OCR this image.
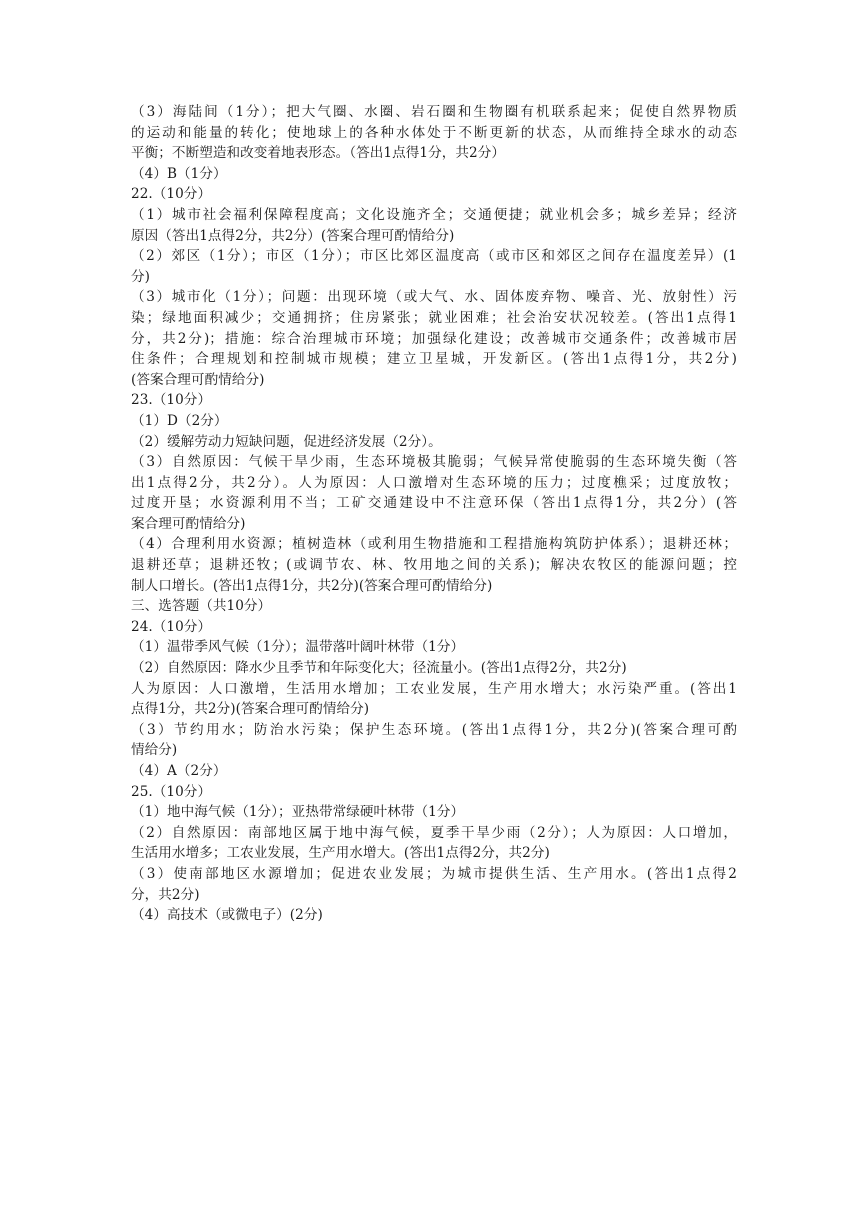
（3）海陆间（1分）；把大气圈、水圈、岩石圈和生物圈有机联系起来；促使自然界物质
的运动和能量的转化；使地球上的各种水体处于不断更新的状态，从而维持全球水的动态
平衡；不断塑造和改变着地表形态。（答出1点得1分，共2分）
（4）B（1分）
22.（10分）
（1）城市社会福利保障程度高；文化设施齐全；交通便捷；就业机会多；城乡差异；经济
原因（答出1点得2分，共2分）(答案合理可酌情给分)
（2）郊区（1分）；市区（1分）；市区比郊区温度高（或市区和郊区之间存在温度差异）(1
分)
（3）城市化（1分）；问题：出现环境（或大气、水、固体废弃物、噪音、光、放射性）污
染；绿地面积减少；交通拥挤；住房紧张；就业困难；社会治安状况较差。(答出1点得1
分，共2分)；措施：综合治理城市环境；加强绿化建设；改善城市交通条件；改善城市居
住条件；合理规划和控制城市规模；建立卫星城，开发新区。(答出1点得1分，共2分)
(答案合理可酌情给分)
23.（10分）
（1）D（2分）
（2）缓解劳动力短缺问题，促进经济发展（2分）。
（3）自然原因：气候干旱少雨，生态环境极其脆弱；气候异常使脆弱的生态环境失衡（答
出1点得2分，共2分）。人为原因：人口激增对生态环境的压力；过度樵采；过度放牧；
过度开垦；水资源利用不当；工矿交通建设中不注意环保（答出1点得1分，共2分）(答
案合理可酌情给分)
（4）合理利用水资源；植树造林（或利用生物措施和工程措施构筑防护体系）；退耕还林；
退耕还草；退耕还牧；(或调节农、林、牧用地之间的关系)；解决农牧区的能源问题；控
制人口增长。(答出1点得1分，共2分)(答案合理可酌情给分)
三、选答题（共10分）
24.（10分）
（1）温带季风气候（1分）；温带落叶阔叶林带（1分）
（2）自然原因：降水少且季节和年际变化大；径流量小。(答出1点得2分，共2分)
人为原因：人口激增，生活用水增加；工农业发展，生产用水增大；水污染严重。(答出1
点得1分，共2分)(答案合理可酌情给分)
（3）节约用水；防治水污染；保护生态环境。(答出1点得1分，共2分)(答案合理可酌
情给分)
（4）A（2分）
25.（10分）
（1）地中海气候（1分）；亚热带常绿硬叶林带（1分）
（2）自然原因：南部地区属于地中海气候，夏季干旱少雨（2分）；人为原因：人口增加，
生活用水增多；工农业发展，生产用水增大。(答出1点得2分，共2分)
（3）使南部地区水源增加；促进农业发展；为城市提供生活、生产用水。(答出1点得2
分，共2分)
（4）高技术（或微电子）(2分)
